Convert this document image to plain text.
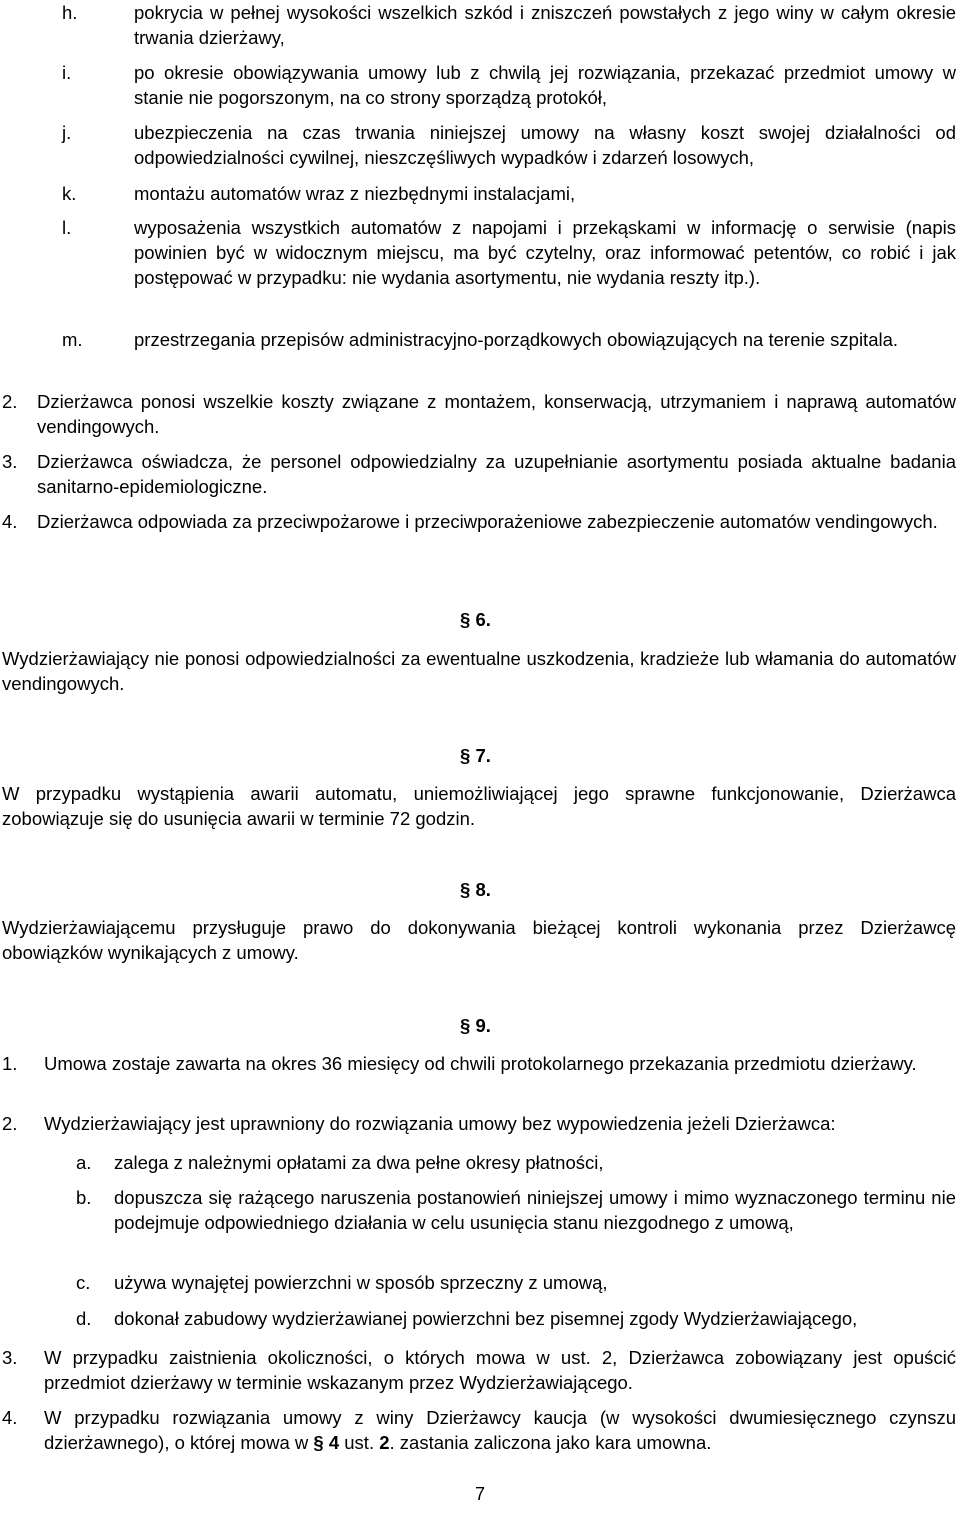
h.	pokrycia w pełnej wysokości wszelkich szkód i zniszczeń powstałych z jego winy w całym okresie trwania dzierżawy,
i.	po okresie obowiązywania umowy lub z chwilą jej rozwiązania, przekazać przedmiot umowy w stanie nie pogorszonym, na co strony sporządzą protokół,
j.	ubezpieczenia na czas trwania niniejszej umowy na własny koszt swojej działalności od odpowiedzialności cywilnej, nieszczęśliwych wypadków i zdarzeń losowych,
k.	montażu automatów wraz z niezbędnymi instalacjami,
l.	wyposażenia wszystkich automatów z napojami i przekąskami w informację o serwisie (napis powinien być w widocznym miejscu, ma być czytelny, oraz informować petentów, co robić i jak postępować w przypadku: nie wydania asortymentu, nie wydania reszty itp.).
m.	przestrzegania przepisów administracyjno-porządkowych obowiązujących na terenie szpitala.
2.	Dzierżawca ponosi wszelkie koszty związane z montażem, konserwacją, utrzymaniem i naprawą automatów vendingowych.
3.	Dzierżawca oświadcza, że personel odpowiedzialny za uzupełnianie asortymentu posiada aktualne badania sanitarno-epidemiologiczne.
4.	Dzierżawca odpowiada za przeciwpożarowe i przeciwporażeniowe zabezpieczenie automatów vendingowych.
§ 6.
Wydzierżawiający nie ponosi odpowiedzialności za ewentualne uszkodzenia, kradzieże lub włamania do automatów vendingowych.
§ 7.
W przypadku wystąpienia awarii automatu, uniemożliwiającej jego sprawne funkcjonowanie, Dzierżawca zobowiązuje się do usunięcia awarii w terminie 72 godzin.
§ 8.
Wydzierżawiającemu przysługuje prawo do dokonywania bieżącej kontroli wykonania przez Dzierżawcę obowiązków wynikających z umowy.
§ 9.
1.	Umowa zostaje zawarta na okres 36 miesięcy od chwili protokolarnego przekazania przedmiotu dzierżawy.
2.	Wydzierżawiający jest uprawniony do rozwiązania umowy bez wypowiedzenia jeżeli Dzierżawca:
a.	zalega z należnymi opłatami za dwa pełne okresy płatności,
b.	dopuszcza się rażącego naruszenia postanowień niniejszej umowy i mimo wyznaczonego terminu nie podejmuje odpowiedniego działania w celu usunięcia stanu niezgodnego z umową,
c.	używa wynajętej powierzchni w sposób sprzeczny z umową,
d.	dokonał zabudowy wydzierżawianej powierzchni bez pisemnej zgody Wydzierżawiającego,
3.	W przypadku zaistnienia okoliczności, o których mowa w ust. 2, Dzierżawca zobowiązany jest opuścić przedmiot dzierżawy w terminie wskazanym przez Wydzierżawiającego.
4.	W przypadku rozwiązania umowy z winy Dzierżawcy kaucja (w wysokości dwumiesięcznego czynszu dzierżawnego), o której mowa w § 4 ust. 2. zastania zaliczona jako kara umowna.
7
